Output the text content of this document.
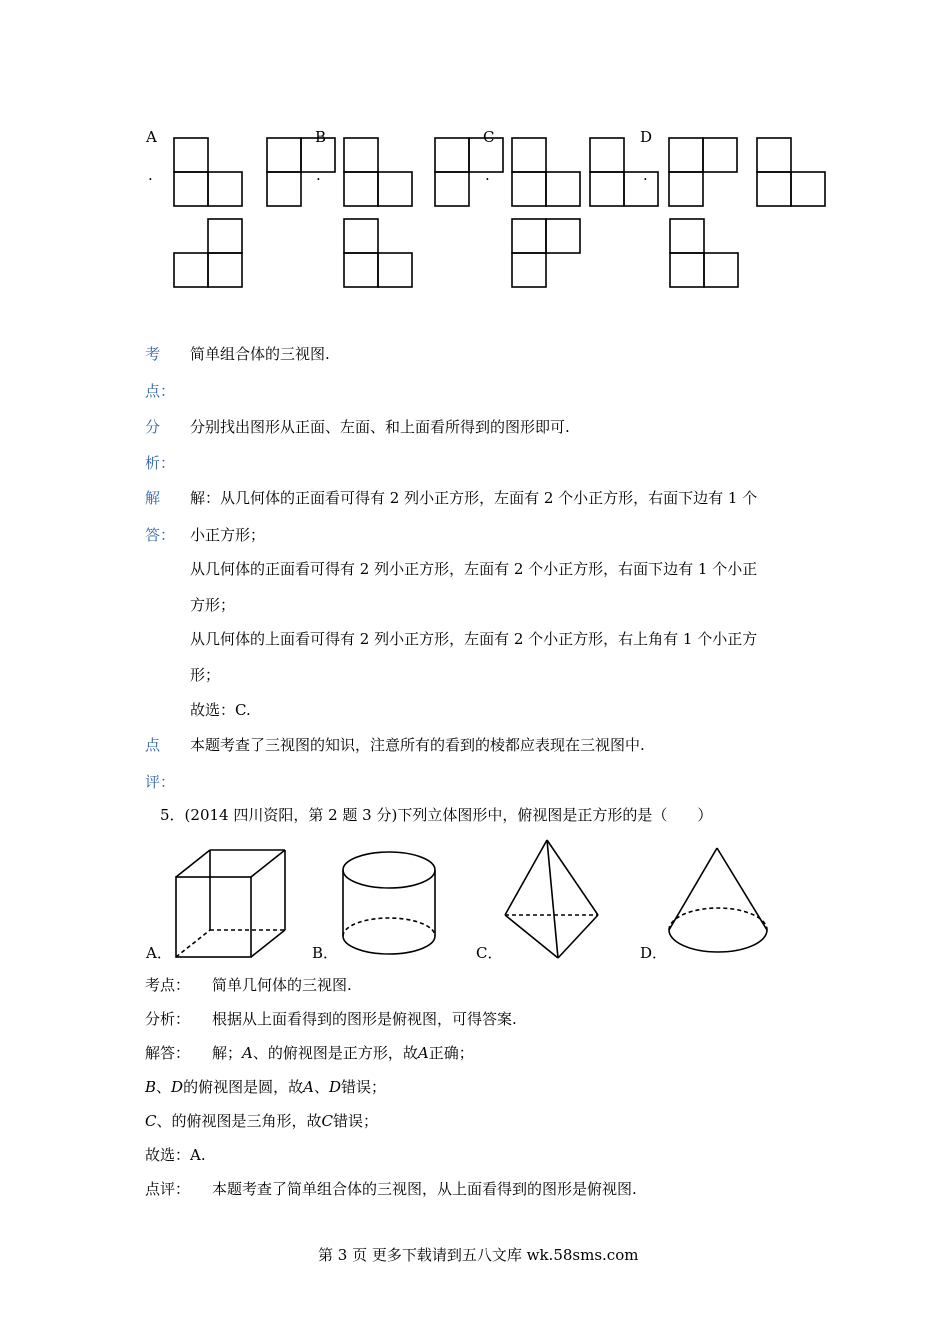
A
.
B
.
C
.
D
.
考 简单组合体的三视图.
点：
分 分别找出图形从正面、左面、和上面看所得到的图形即可.
析：
解 解：从几何体的正面看可得有 2 列小正方形，左面有 2 个小正方形，右面下边有 1 个
答： 小正方形；
从几何体的正面看可得有 2 列小正方形，左面有 2 个小正方形，右面下边有 1 个小正
方形；
从几何体的上面看可得有 2 列小正方形，左面有 2 个小正方形，右上角有 1 个小正方
形；
故选：C.
点 本题考查了三视图的知识，注意所有的看到的棱都应表现在三视图中.
评：
5．(2014 四川资阳，第 2 题 3 分)下列立体图形中，俯视图是正方形的是（　　）
A．	B．	C．	D．
考点： 简单几何体的三视图.
分析： 根据从上面看得到的图形是俯视图，可得答案.
解答： 解；A、的俯视图是正方形，故A正确；
B、D的俯视图是圆，故A、D错误；
C、的俯视图是三角形，故C错误；
故选：A.
点评： 本题考查了简单组合体的三视图，从上面看得到的图形是俯视图.
第 3 页 更多下载请到五八文库 wk.58sms.com
